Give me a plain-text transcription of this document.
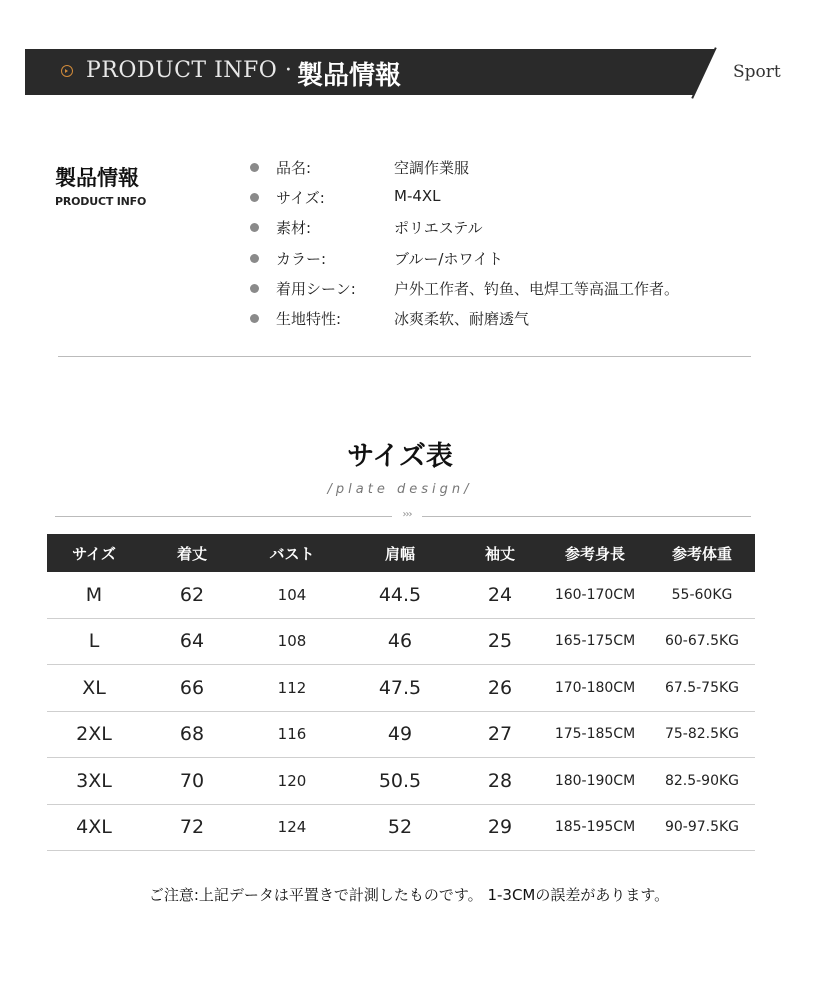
PRODUCT INFO · 製品情報	Sport
製品情報
PRODUCT INFO
品名:	空調作業服
サイズ:	M-4XL
素材:	ポリエステル
カラー:	ブルー/ホワイト
着用シーン:	户外工作者、钓鱼、电焊工等高温工作者。
生地特性:	冰爽柔软、耐磨透气
サイズ表
/plate design/
›››
サイズ	着丈	バスト	肩幅	袖丈	参考身長	参考体重
M	62	104	44.5	24	160-170CM	55-60KG
L	64	108	46	25	165-175CM	60-67.5KG
XL	66	112	47.5	26	170-180CM	67.5-75KG
2XL	68	116	49	27	175-185CM	75-82.5KG
3XL	70	120	50.5	28	180-190CM	82.5-90KG
4XL	72	124	52	29	185-195CM	90-97.5KG
ご注意:上記データは平置きで計測したものです。 1-3CMの誤差があります。
